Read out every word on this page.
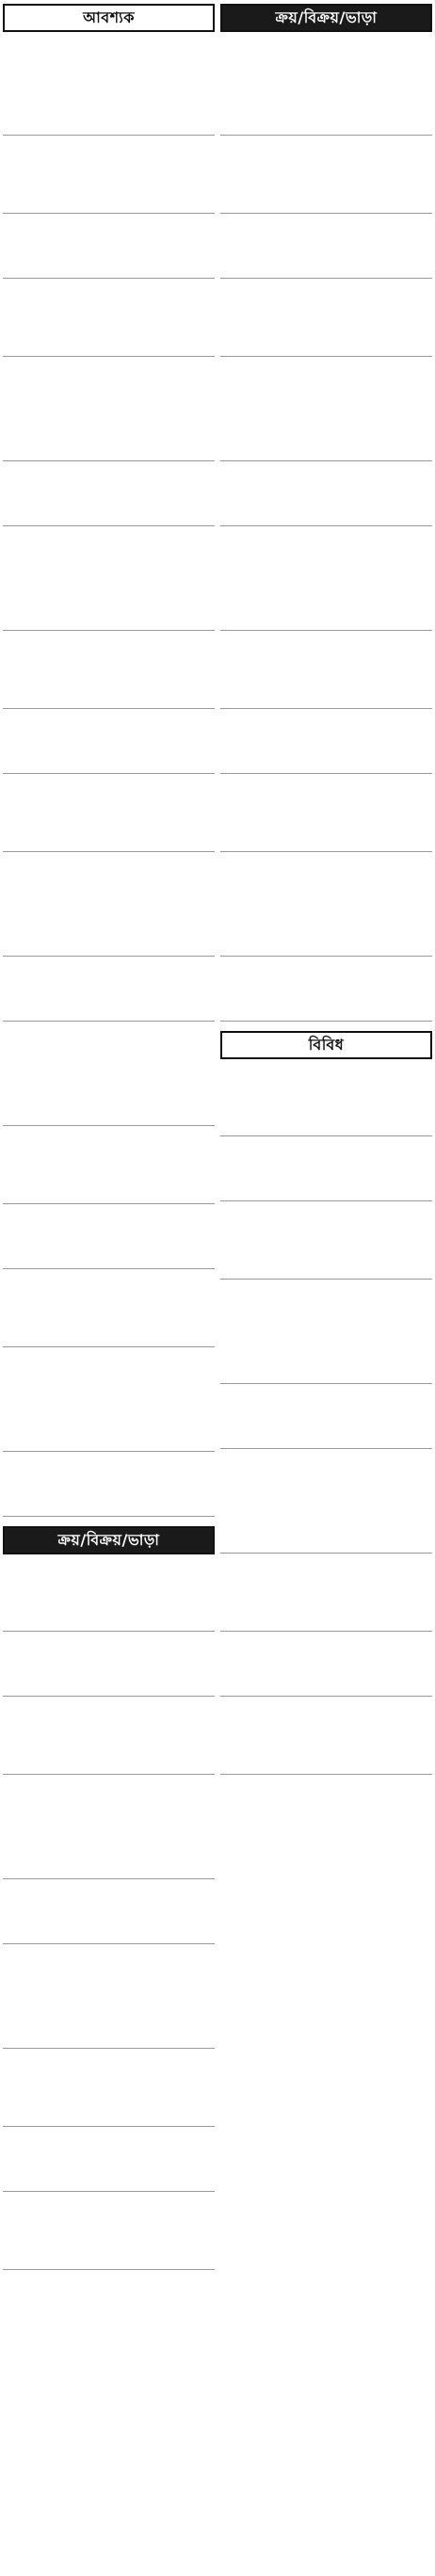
আবশ্যক
ক্রয়/বিক্রয়/ভাড়া
ক্রয়/বিক্রয়/ভাড়া
বিবিধ
